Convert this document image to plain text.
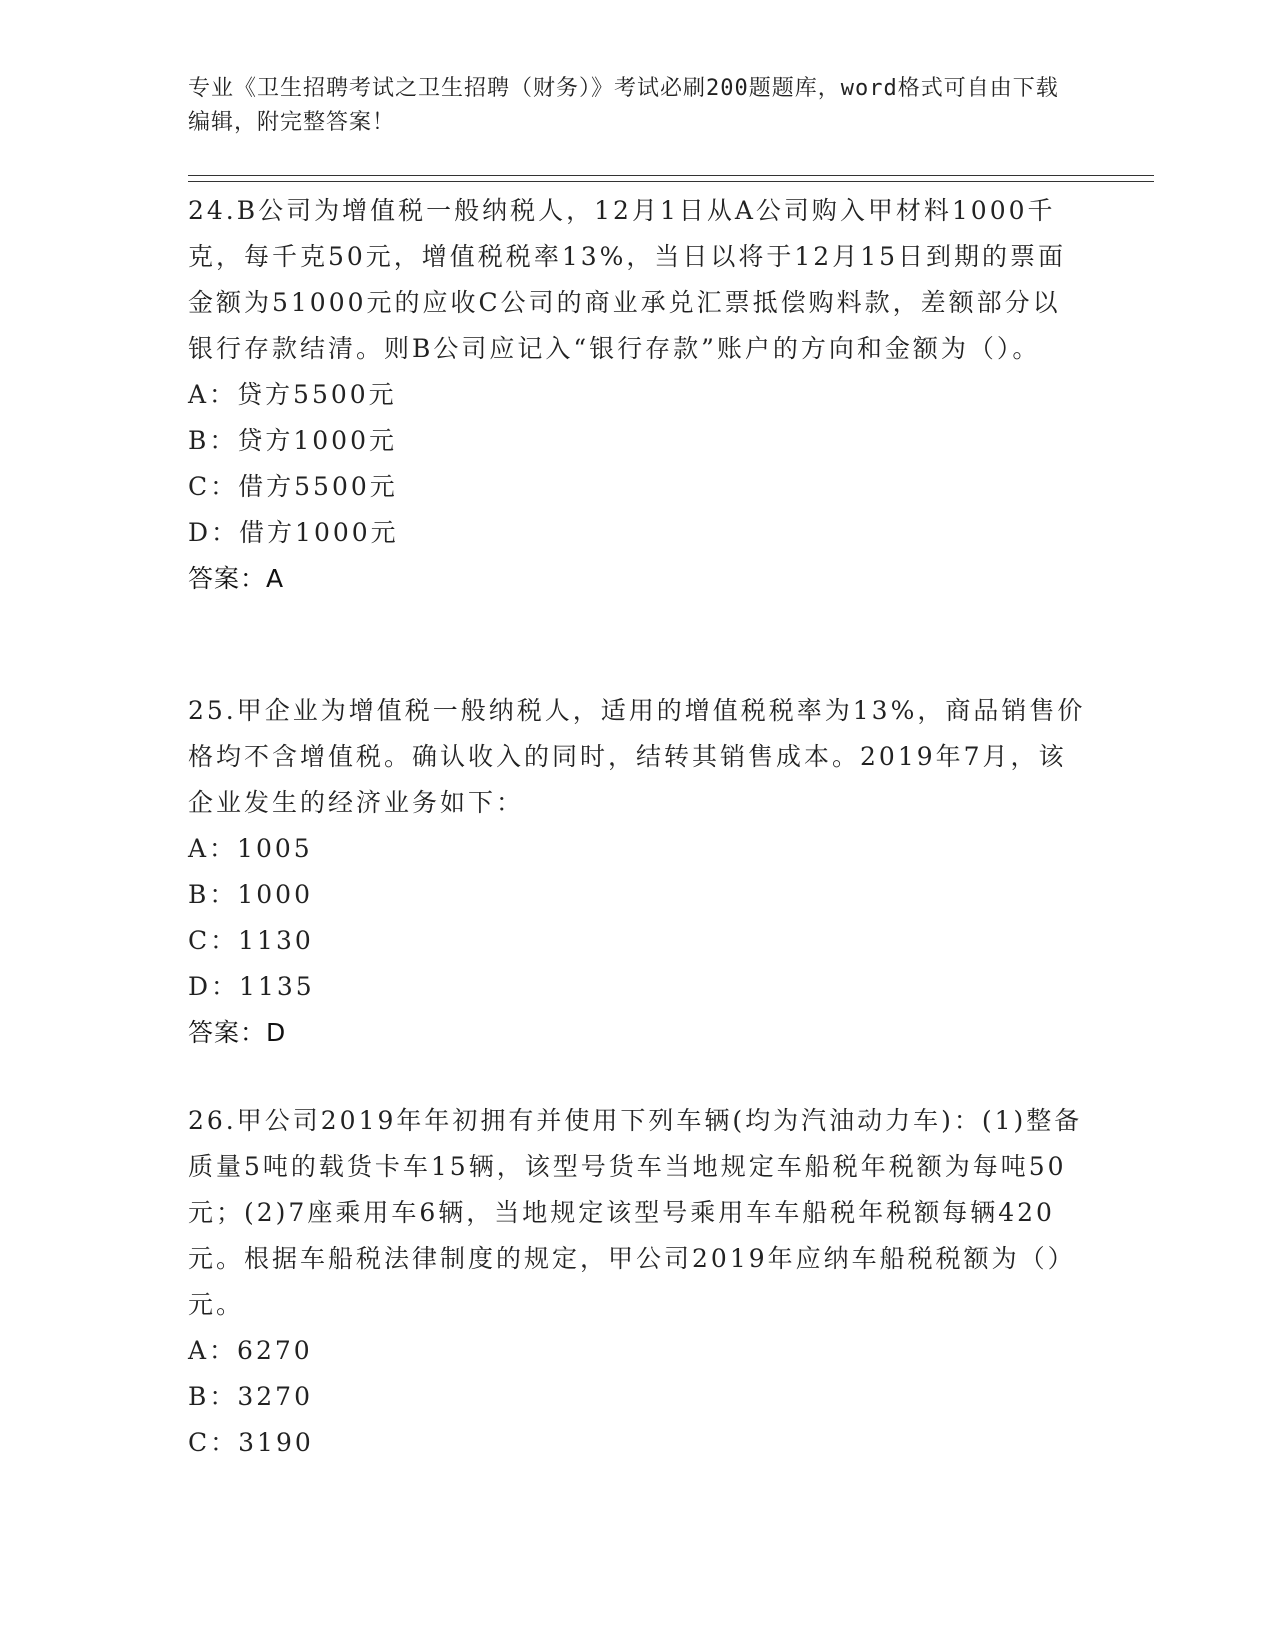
专业《卫生招聘考试之卫生招聘（财务）》考试必刷200题题库，word格式可自由下载编辑，附完整答案！

24.B公司为增值税一般纳税人，12月1日从A公司购入甲材料1000千克，每千克50元，增值税税率13%，当日以将于12月15日到期的票面金额为51000元的应收C公司的商业承兑汇票抵偿购料款，差额部分以银行存款结清。则B公司应记入“银行存款”账户的方向和金额为（）。

A：贷方5500元

B：贷方1000元

C：借方5500元

D：借方1000元

答案：A

25.甲企业为增值税一般纳税人，适用的增值税税率为13%，商品销售价格均不含增值税。确认收入的同时，结转其销售成本。2019年7月，该企业发生的经济业务如下：

A：1005

B：1000

C：1130

D：1135

答案：D

26.甲公司2019年年初拥有并使用下列车辆(均为汽油动力车)：(1)整备质量5吨的载货卡车15辆，该型号货车当地规定车船税年税额为每吨50元；(2)7座乘用车6辆，当地规定该型号乘用车车船税年税额每辆420元。根据车船税法律制度的规定，甲公司2019年应纳车船税税额为（）元。

A：6270

B：3270

C：3190
